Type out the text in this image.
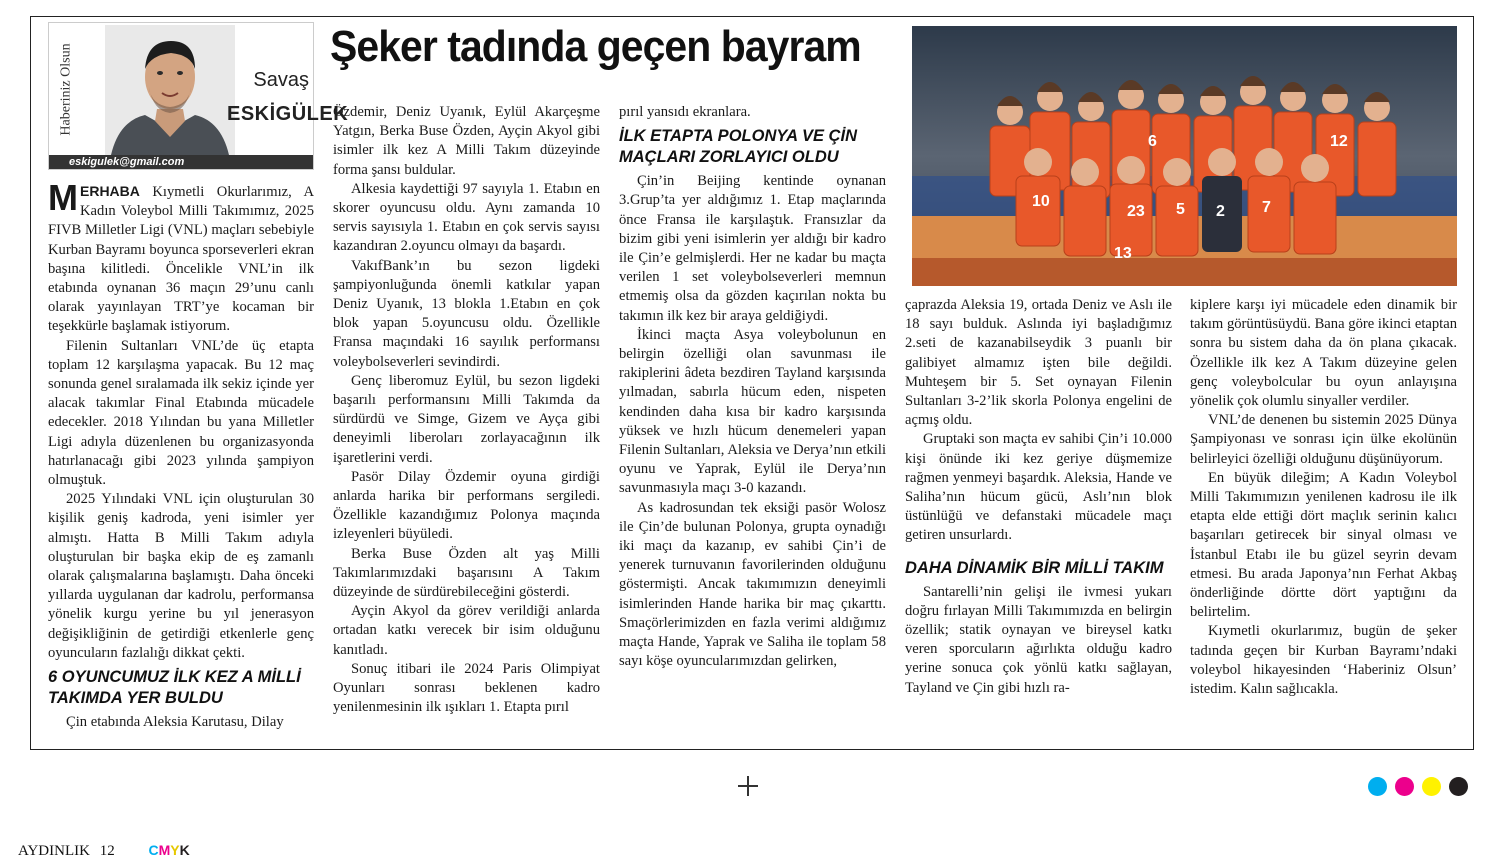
Haberiniz Olsun	Savaş
ESKİGÜLEK
eskigulek@gmail.com
Şeker tadında geçen bayram
10
23 5 2 7
6	12
13

MERHABA Kıymetli Okurlarımız, A Kadın Voleybol Milli Takımımız, 2025 FIVB Milletler Ligi (VNL) maçları sebebiyle Kurban Bayramı boyunca sporseverleri ekran başına kilitledi. Öncelikle VNL’in ilk etabında oynanan 36 maçın 29’unu canlı olarak yayınlayan TRT’ye kocaman bir teşekkürle başlamak istiyorum.

Filenin Sultanları VNL’de üç etapta toplam 12 karşılaşma yapacak. Bu 12 maç sonunda genel sıralamada ilk sekiz içinde yer alacak takımlar Final Etabında mücadele edecekler. 2018 Yılından bu yana Milletler Ligi adıyla düzenlenen bu organizasyonda hatırlanacağı gibi 2023 yılında şampiyon olmuştuk.

2025 Yılındaki VNL için oluşturulan 30 kişilik geniş kadroda, yeni isimler yer almıştı. Hatta B Milli Takım adıyla oluşturulan bir başka ekip de eş zamanlı olarak çalışmalarına başlamıştı. Daha önceki yıllarda uygulanan dar kadrolu, performansa yönelik kurgu yerine bu yıl jenerasyon değişikliğinin de getirdiği etkenlerle genç oyuncuların fazlalığı dikkat çekti.

6 OYUNCUMUZ İLK KEZ A MİLLİ TAKIMDA YER BULDU

Çin etabında Aleksia Karutasu, Dilay

Özdemir, Deniz Uyanık, Eylül Akarçeşme Yatgın, Berka Buse Özden, Ayçin Akyol gibi isimler ilk kez A Milli Takım düzeyinde forma şansı buldular.

Alkesia kaydettiği 97 sayıyla 1. Etabın en skorer oyuncusu oldu. Aynı zamanda 10 servis sayısıyla 1. Etabın en çok servis sayısı kazandıran 2.oyuncu olmayı da başardı.

VakıfBank’ın bu sezon ligdeki şampiyonluğunda önemli katkılar yapan Deniz Uyanık, 13 blokla 1.Etabın en çok blok yapan 5.oyuncusu oldu. Özellikle Fransa maçındaki 16 sayılık performansı voleybolseverleri sevindirdi.

Genç liberomuz Eylül, bu sezon ligdeki başarılı performansını Milli Takımda da sürdürdü ve Simge, Gizem ve Ayça gibi deneyimli liberoları zorlayacağının ilk işaretlerini verdi.

Pasör Dilay Özdemir oyuna girdiği anlarda harika bir performans sergiledi. Özellikle kazandığımız Polonya maçında izleyenleri büyüledi.

Berka Buse Özden alt yaş Milli Takımlarımızdaki başarısını A Takım düzeyinde de sürdürebileceğini gösterdi.

Ayçin Akyol da görev verildiği anlarda ortadan katkı verecek bir isim olduğunu kanıtladı.

Sonuç itibari ile 2024 Paris Olimpiyat Oyunları sonrası beklenen kadro yenilenmesinin ilk ışıkları 1. Etapta pırıl

pırıl yansıdı ekranlara.

İLK ETAPTA POLONYA VE ÇİN MAÇLARI ZORLAYICI OLDU

Çin’in Beijing kentinde oynanan 3.Grup’ta yer aldığımız 1. Etap maçlarında önce Fransa ile karşılaştık. Fransızlar da bizim gibi yeni isimlerin yer aldığı bir kadro ile Çin’e gelmişlerdi. Her ne kadar bu maçta verilen 1 set voleybolseverleri memnun etmemiş olsa da gözden kaçırılan nokta bu takımın ilk kez bir araya geldiğiydi.

İkinci maçta Asya voleybolunun en belirgin özelliği olan savunması ile rakiplerini âdeta bezdiren Tayland karşısında yılmadan, sabırla hücum eden, nispeten kendinden daha kısa bir kadro karşısında yüksek ve hızlı hücum denemeleri yapan Filenin Sultanları, Aleksia ve Derya’nın etkili oyunu ve Yaprak, Eylül ile Derya’nın savunmasıyla maçı 3-0 kazandı.

As kadrosundan tek eksiği pasör Wolosz ile Çin’de bulunan Polonya, grupta oynadığı iki maçı da kazanıp, ev sahibi Çin’i de yenerek turnuvanın favorilerinden olduğunu göstermişti. Ancak takımımızın deneyimli isimlerinden Hande harika bir maç çıkarttı. Smaçörlerimizden en fazla verimi aldığımız maçta Hande, Yaprak ve Saliha ile toplam 58 sayı köşe oyuncularımızdan gelirken,

çaprazda Aleksia 19, ortada Deniz ve Aslı ile 18 sayı bulduk. Aslında iyi başladığımız 2.seti de kazanabilseydik 3 puanlı bir galibiyet almamız işten bile değildi. Muhteşem bir 5. Set oynayan Filenin Sultanları 3-2’lik skorla Polonya engelini de açmış oldu.

Gruptaki son maçta ev sahibi Çin’i 10.000 kişi önünde iki kez geriye düşmemize rağmen yenmeyi başardık. Aleksia, Hande ve Saliha’nın hücum gücü, Aslı’nın blok üstünlüğü ve defanstaki mücadele maçı getiren unsurlardı.

DAHA DİNAMİK BİR MİLLİ TAKIM

Santarelli’nin gelişi ile ivmesi yukarı doğru fırlayan Milli Takımımızda en belirgin özellik; statik oynayan ve bireysel katkı veren sporcuların ağırlıkta olduğu kadro yerine sonuca çok yönlü katkı sağlayan, Tayland ve Çin gibi hızlı ra-

kiplere karşı iyi mücadele eden dinamik bir takım görüntüsüydü. Bana göre ikinci etaptan sonra bu sistem daha da ön plana çıkacak. Özellikle ilk kez A Takım düzeyine gelen genç voleybolcular bu oyun anlayışına yönelik çok olumlu sinyaller verdiler.

VNL’de denenen bu sistemin 2025 Dünya Şampiyonası ve sonrası için ülke ekolünün belirleyici özelliği olduğunu düşünüyorum.

En büyük dileğim; A Kadın Voleybol Milli Takımımızın yenilenen kadrosu ile ilk etapta elde ettiği dört maçlık serinin kalıcı başarıları getirecek bir sinyal olması ve İstanbul Etabı ile bu güzel seyrin devam etmesi. Bu arada Japonya’nın Ferhat Akbaş önderliğinde dörtte dört yaptığını da belirtelim.

Kıymetli okurlarımız, bugün de şeker tadında geçen bir Kurban Bayramı’ndaki voleybol hikayesinden ‘Haberiniz Olsun’ istedim. Kalın sağlıcakla.

AYDINLIK 12 CMYK
